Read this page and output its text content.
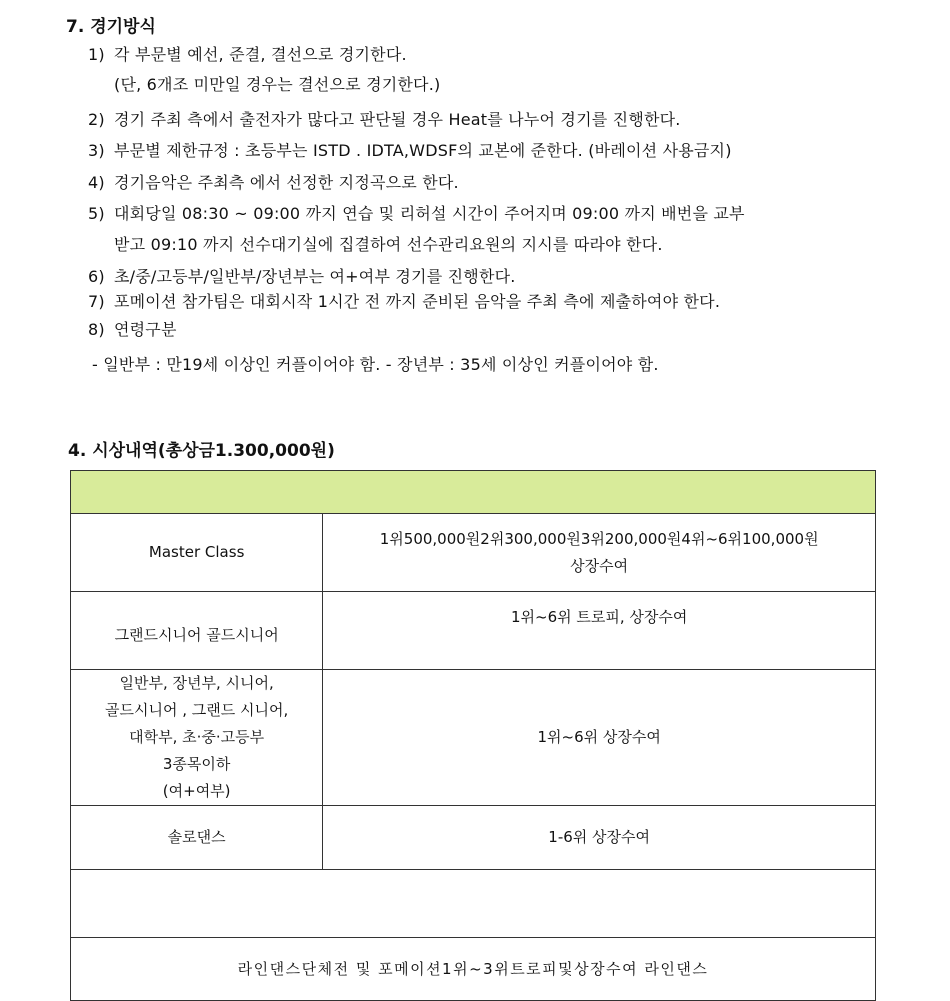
7. 경기방식
1) 각 부문별 예선, 준결, 결선으로 경기한다.
(단, 6개조 미만일 경우는 결선으로 경기한다.)
2) 경기 주최 측에서 출전자가 많다고 판단될 경우 Heat를 나누어 경기를 진행한다.
3) 부문별 제한규정 : 초등부는 ISTD . IDTA,WDSF의 교본에 준한다. (바레이션 사용금지)
4) 경기음악은 주최측 에서 선정한 지정곡으로 한다.
5) 대회당일 08:30 ~ 09:00 까지 연습 및 리허설 시간이 주어지며 09:00 까지 배번을 교부
받고 09:10 까지 선수대기실에 집결하여 선수관리요원의 지시를 따라야 한다.
6) 초/중/고등부/일반부/장년부는 여+여부 경기를 진행한다.
7) 포메이션 참가팀은 대회시작 1시간 전 까지 준비된 음악을 주최 측에 제출하여야 한다.
8) 연령구분
- 일반부 : 만19세 이상인 커플이어야 함. - 장년부 : 35세 이상인 커플이어야 함.
4. 시상내역(총상금1.300,000원)

Master Class	1위500,000원2위300,000원3위200,000원4위~6위100,000원
상장수여

그랜드시니어 골드시니어	1위~6위 트로피, 상장수여

일반부, 장년부, 시니어,
골드시니어 , 그랜드 시니어,
대학부, 초·중·고등부
3종목이하
(여+여부)	1위~6위 상장수여

솔로댄스	1-6위 상장수여

라인댄스단체전 및 포메이션1위~3위트로피및상장수여 라인댄스	
